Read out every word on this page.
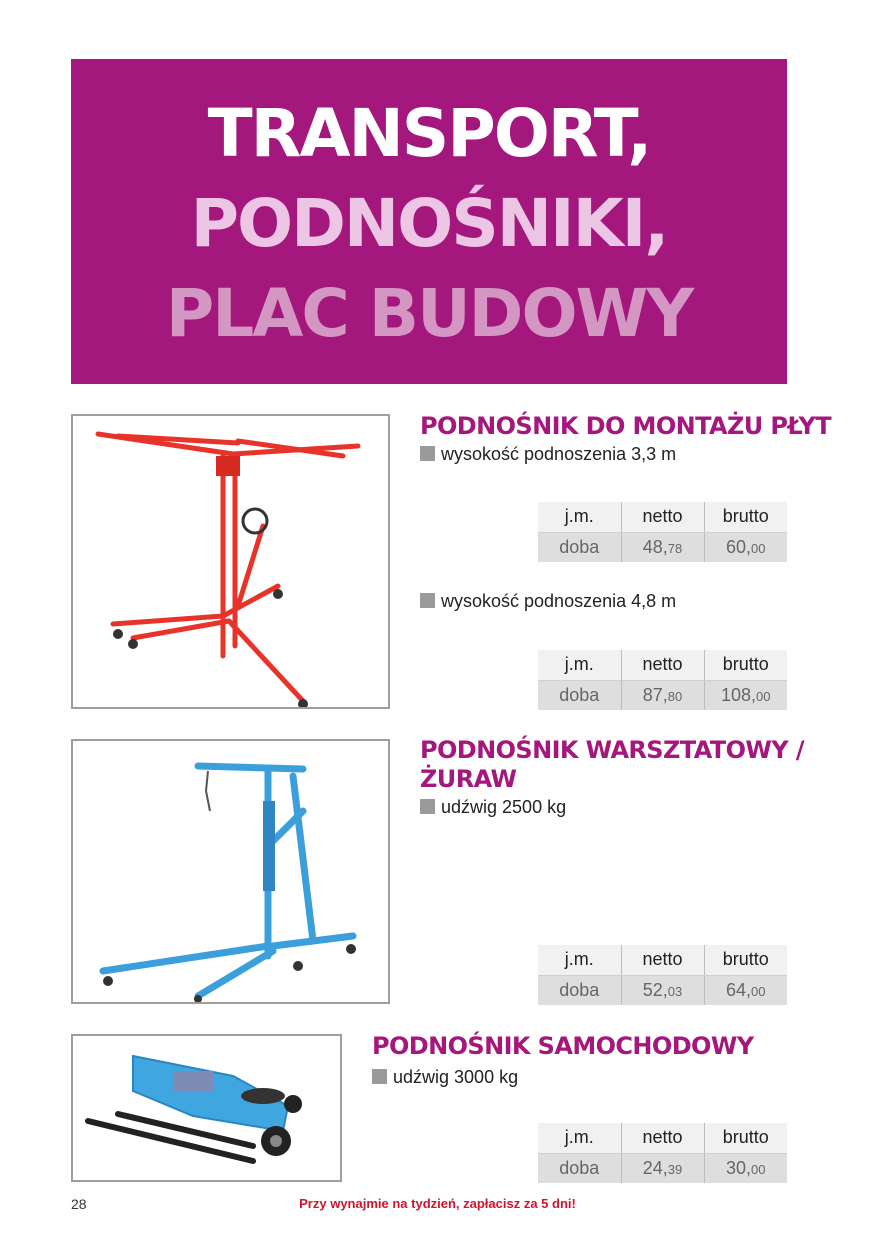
TRANSPORT,
PODNOŚNIKI,
PLAC BUDOWY
PODNOŚNIK DO MONTAŻU PŁYT
wysokość podnoszenia 3,3 m
j.m.	netto	brutto
doba	48,78	60,00
wysokość podnoszenia 4,8 m
j.m.	netto	brutto
doba	87,80	108,00
PODNOŚNIK WARSZTATOWY /
ŻURAW
udźwig 2500 kg
j.m.	netto	brutto
doba	52,03	64,00
PODNOŚNIK SAMOCHODOWY
udźwig 3000 kg
j.m.	netto	brutto
doba	24,39	30,00
28	Przy wynajmie na tydzień, zapłacisz za 5 dni!
